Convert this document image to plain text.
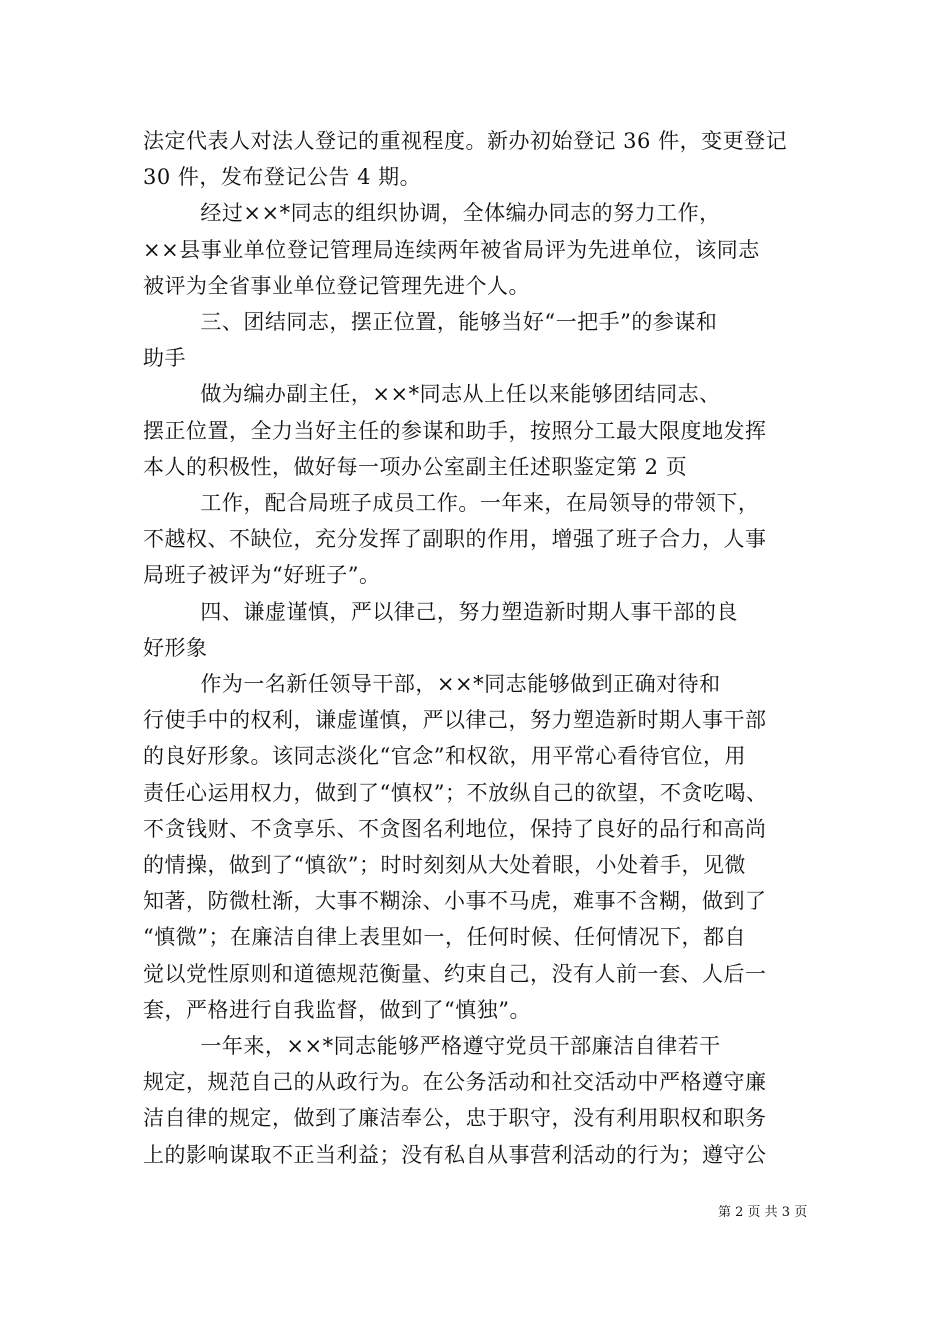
法定代表人对法人登记的重视程度。新办初始登记 36 件，变更登记
30 件，发布登记公告 4 期。
经过××*同志的组织协调，全体编办同志的努力工作，
××县事业单位登记管理局连续两年被省局评为先进单位，该同志
被评为全省事业单位登记管理先进个人。
三、团结同志，摆正位置，能够当好“一把手”的参谋和
助手
做为编办副主任，××*同志从上任以来能够团结同志、
摆正位置，全力当好主任的参谋和助手，按照分工最大限度地发挥
本人的积极性，做好每一项办公室副主任述职鉴定第 2 页
工作，配合局班子成员工作。一年来，在局领导的带领下，
不越权、不缺位，充分发挥了副职的作用，增强了班子合力，人事
局班子被评为“好班子”。
四、谦虚谨慎，严以律己，努力塑造新时期人事干部的良
好形象
作为一名新任领导干部，××*同志能够做到正确对待和
行使手中的权利，谦虚谨慎，严以律己，努力塑造新时期人事干部
的良好形象。该同志淡化“官念”和权欲，用平常心看待官位，用
责任心运用权力，做到了“慎权”；不放纵自己的欲望，不贪吃喝、
不贪钱财、不贪享乐、不贪图名利地位，保持了良好的品行和高尚
的情操，做到了“慎欲”；时时刻刻从大处着眼，小处着手，见微
知著，防微杜渐，大事不糊涂、小事不马虎，难事不含糊，做到了
“慎微”；在廉洁自律上表里如一，任何时候、任何情况下，都自
觉以党性原则和道德规范衡量、约束自己，没有人前一套、人后一
套，严格进行自我监督，做到了“慎独”。
一年来，××*同志能够严格遵守党员干部廉洁自律若干
规定，规范自己的从政行为。在公务活动和社交活动中严格遵守廉
洁自律的规定，做到了廉洁奉公，忠于职守，没有利用职权和职务
上的影响谋取不正当利益；没有私自从事营利活动的行为；遵守公
第 2 页 共 3 页
